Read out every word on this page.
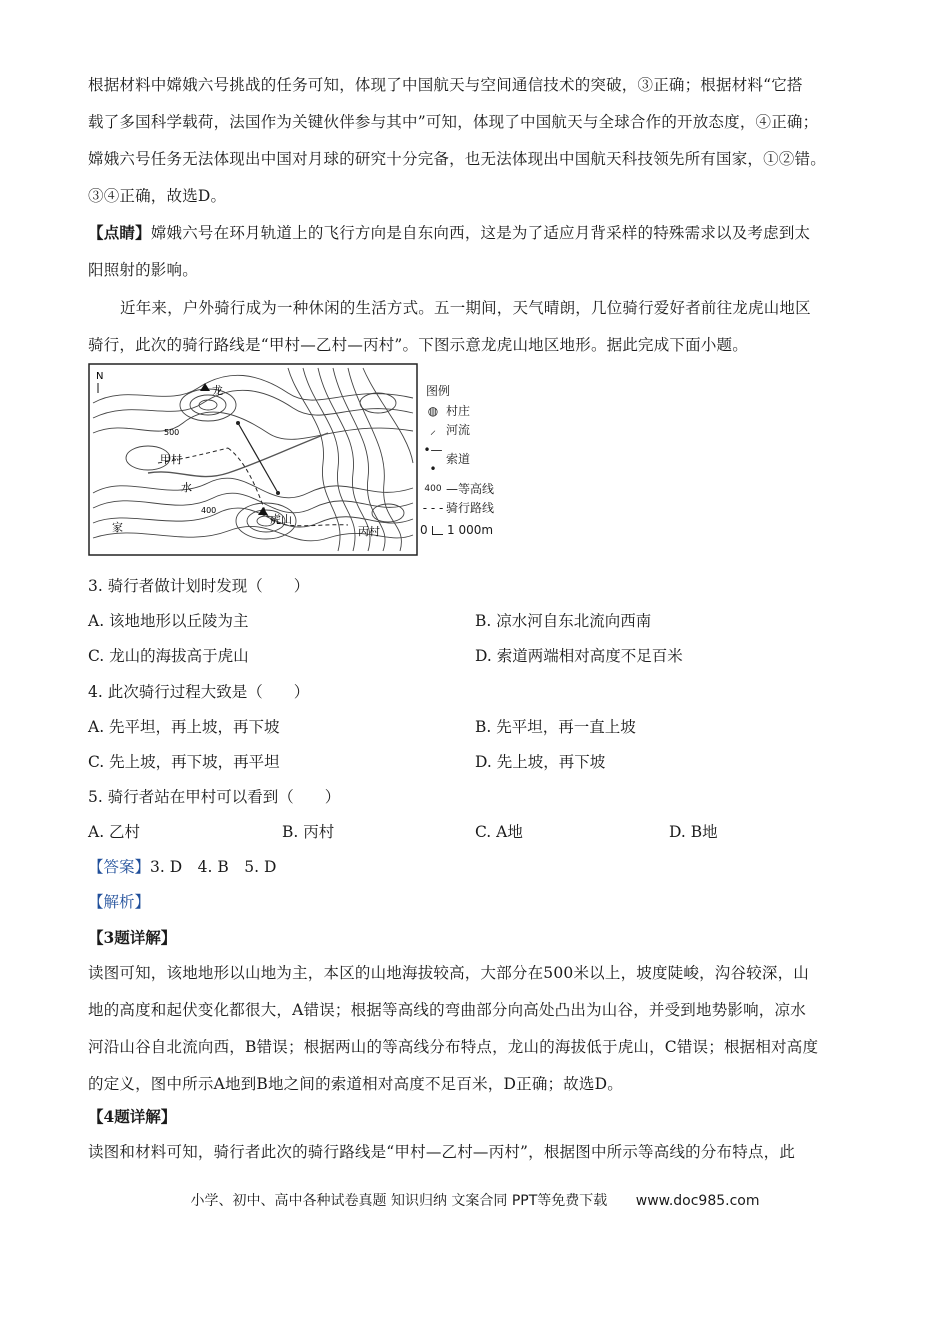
根据材料中嫦娥六号挑战的任务可知，体现了中国航天与空间通信技术的突破，③正确；根据材料“它搭
载了多国科学载荷，法国作为关键伙伴参与其中”可知，体现了中国航天与全球合作的开放态度，④正确；
嫦娥六号任务无法体现出中国对月球的研究十分完备，也无法体现出中国航天科技领先所有国家，①②错。
③④正确，故选D。
【点睛】嫦娥六号在环月轨道上的飞行方向是自东向西，这是为了适应月背采样的特殊需求以及考虑到太
阳照射的影响。
近年来，户外骑行成为一种休闲的生活方式。五一期间，天气晴朗，几位骑行爱好者前往龙虎山地区
骑行，此次的骑行路线是“甲村—乙村—丙村”。下图示意龙虎山地区地形。据此完成下面小题。
N
龙
甲村
水
虎山
丙村
家
400
500
图例
◍ 村庄
⸝ 河流
•—•
索道
400 — 等高线
- - - 骑行路线
0	1 000m
3. 骑行者做计划时发现（　　）
A. 该地地形以丘陵为主	B. 凉水河自东北流向西南
C. 龙山的海拔高于虎山	D. 索道两端相对高度不足百米
4. 此次骑行过程大致是（　　）
A. 先平坦，再上坡，再下坡	B. 先平坦，再一直上坡
C. 先上坡，再下坡，再平坦	D. 先上坡，再下坡
5. 骑行者站在甲村可以看到（　　）
A. 乙村	B. 丙村	C. A地	D. B地
【答案】3. D　4. B　5. D
【解析】
【3题详解】
读图可知，该地地形以山地为主，本区的山地海拔较高，大部分在500米以上，坡度陡峻，沟谷较深，山
地的高度和起伏变化都很大，A错误；根据等高线的弯曲部分向高处凸出为山谷，并受到地势影响，凉水
河沿山谷自北流向西，B错误；根据两山的等高线分布特点，龙山的海拔低于虎山，C错误；根据相对高度
的定义，图中所示A地到B地之间的索道相对高度不足百米，D正确；故选D。
【4题详解】
读图和材料可知，骑行者此次的骑行路线是“甲村—乙村—丙村”，根据图中所示等高线的分布特点，此
小学、初中、高中各种试卷真题 知识归纳 文案合同 PPT等免费下载 www.doc985.com
